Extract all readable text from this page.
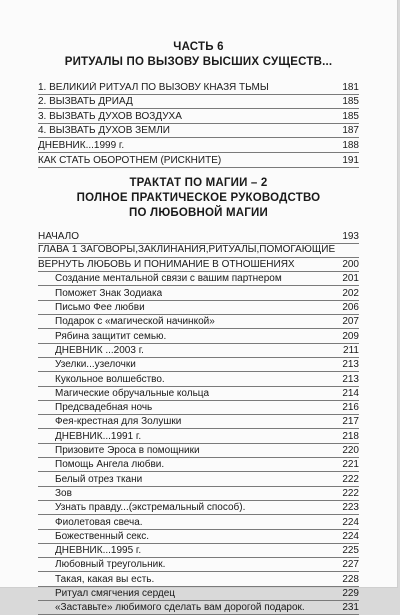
ЧАСТЬ 6
РИТУАЛЫ ПО ВЫЗОВУ ВЫСШИХ СУЩЕСТВ...
1. ВЕЛИКИЙ РИТУАЛ ПО ВЫЗОВУ КНАЗЯ ТЬМЫ	181
2. ВЫЗВАТЬ ДРИАД	185
3. ВЫЗВАТЬ ДУХОВ ВОЗДУХА	185
4. ВЫЗВАТЬ ДУХОВ ЗЕМЛИ	187
ДНЕВНИК...1999 г.	188
КАК СТАТЬ ОБОРОТНЕМ (РИСКНИТЕ)	191
ТРАКТАТ ПО МАГИИ – 2
ПОЛНОЕ ПРАКТИЧЕСКОЕ РУКОВОДСТВО
ПО ЛЮБОВНОЙ МАГИИ
НАЧАЛО	193
ГЛАВА 1 ЗАГОВОРЫ,ЗАКЛИНАНИЯ,РИТУАЛЫ,ПОМОГАЮЩИЕ
ВЕРНУТЬ ЛЮБОВЬ И ПОНИМАНИЕ В ОТНОШЕНИЯХ	200
Создание ментальной связи с вашим партнером	201
Поможет Знак Зодиака	202
Письмо Фее любви	206
Подарок с «магической начинкой»	207
Рябина защитит семью.	209
ДНЕВНИК ...2003 г.	211
Узелки...узелочки	213
Кукольное волшебство.	213
Магические обручальные кольца	214
Предсвадебная ночь	216
Фея-крестная для Золушки	217
ДНЕВНИК...1991 г.	218
Призовите Эроса в помощники	220
Помощь Ангела любви.	221
Белый отрез ткани	222
Зов	222
Узнать правду...(экстремальный способ).	223
Фиолетовая свеча.	224
Божественный секс.	224
ДНЕВНИК...1995 г.	225
Любовный треугольник.	227
Такая, какая вы есть.	228
Ритуал смягчения сердец	229
«Заставьте» любимого сделать вам дорогой подарок.	231
